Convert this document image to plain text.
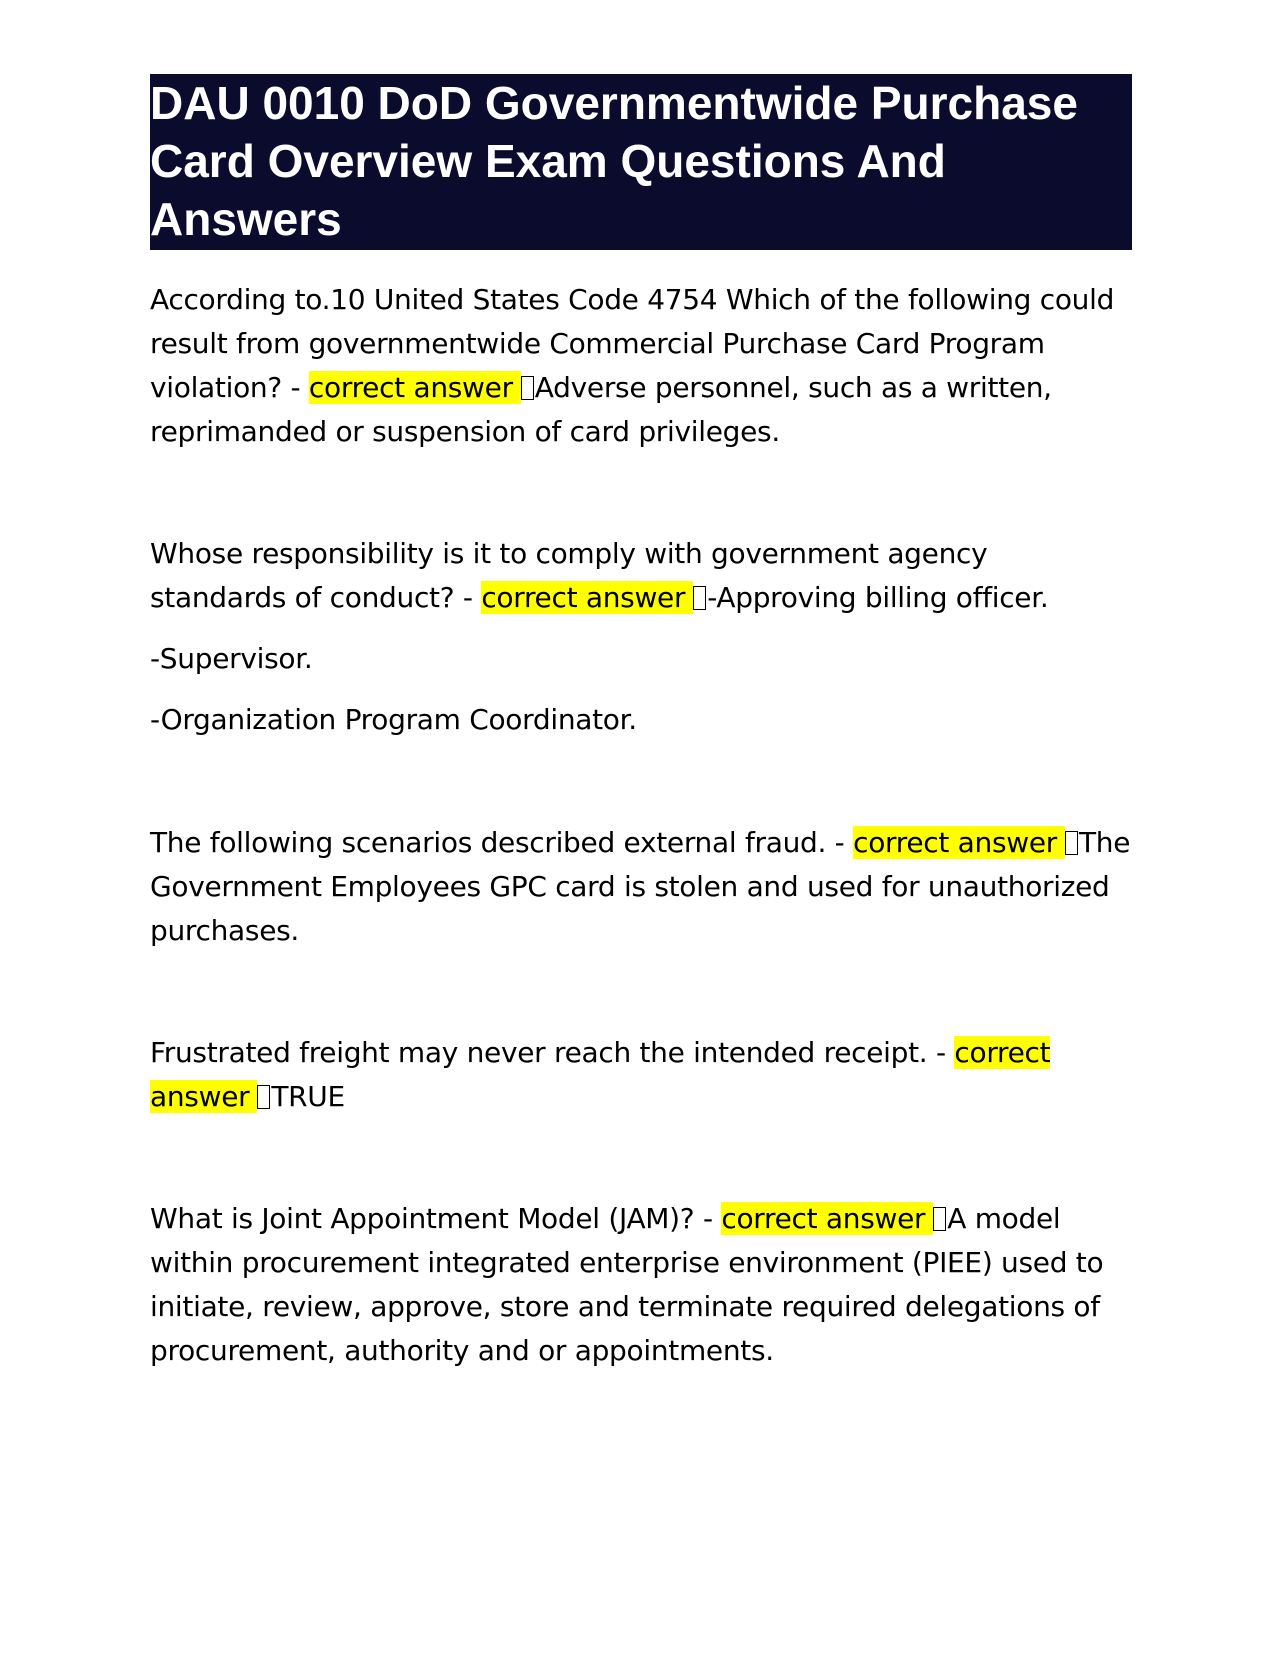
DAU 0010 DoD Governmentwide Purchase Card Overview Exam Questions And Answers

According to.10 United States Code 4754 Which of the following could result from governmentwide Commercial Purchase Card Program violation? - correct answer Adverse personnel, such as a written, reprimanded or suspension of card privileges.

Whose responsibility is it to comply with government agency standards of conduct? - correct answer -Approving billing officer.

-Supervisor.

-Organization Program Coordinator.

The following scenarios described external fraud. - correct answer The Government Employees GPC card is stolen and used for unauthorized purchases.

Frustrated freight may never reach the intended receipt. - correct answer TRUE

What is Joint Appointment Model (JAM)? - correct answer A model within procurement integrated enterprise environment (PIEE) used to initiate, review, approve, store and terminate required delegations of procurement, authority and or appointments.
